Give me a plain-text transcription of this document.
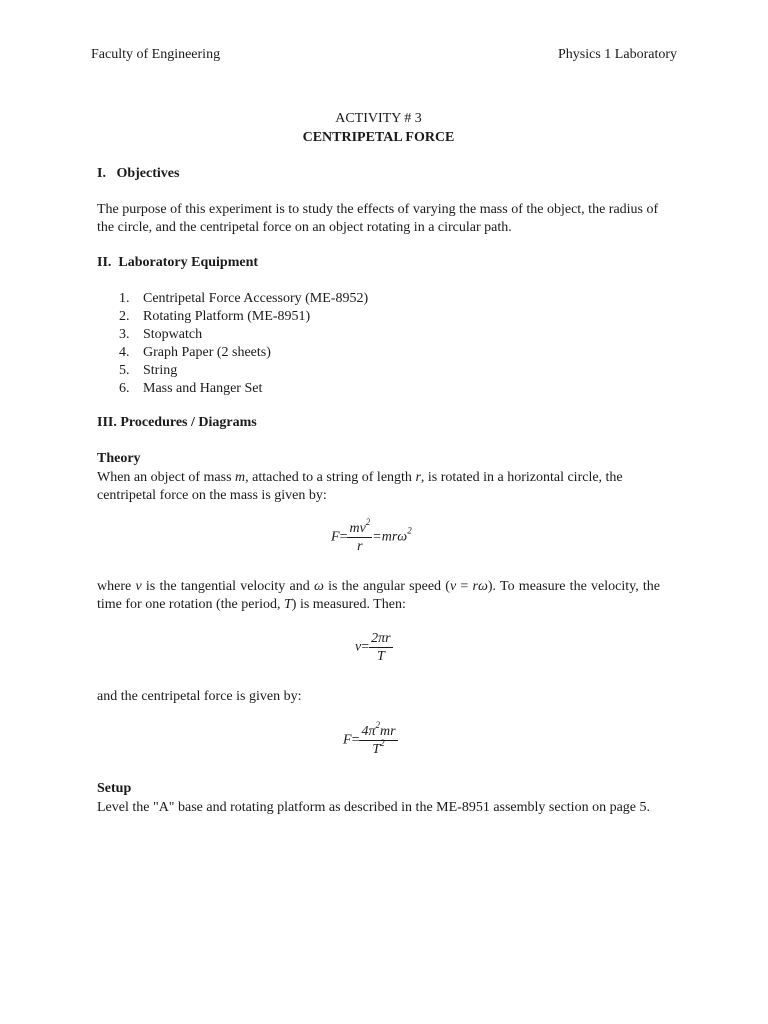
Faculty of Engineering	Physics 1 Laboratory
ACTIVITY # 3
CENTRIPETAL FORCE
I.   Objectives
The purpose of this experiment is to study the effects of varying the mass of the object, the radius of the circle, and the centripetal force on an object rotating in a circular path.
II.  Laboratory Equipment
1. Centripetal Force Accessory (ME-8952)
2. Rotating Platform (ME-8951)
3. Stopwatch
4. Graph Paper (2 sheets)
5. String
6. Mass and Hanger Set
III. Procedures / Diagrams
Theory
When an object of mass m, attached to a string of length r, is rotated in a horizontal circle, the centripetal force on the mass is given by:
$F= \frac{mv^2}{r} =mr\omega^2$
where v is the tangential velocity and ω is the angular speed (v = rω). To measure the velocity, the time for one rotation (the period, T) is measured. Then:
$v= \frac{2\pi r}{T}$
and the centripetal force is given by:
$F= \frac{4\pi^2mr}{T^2}$
Setup
Level the "A" base and rotating platform as described in the ME-8951 assembly section on page 5.
